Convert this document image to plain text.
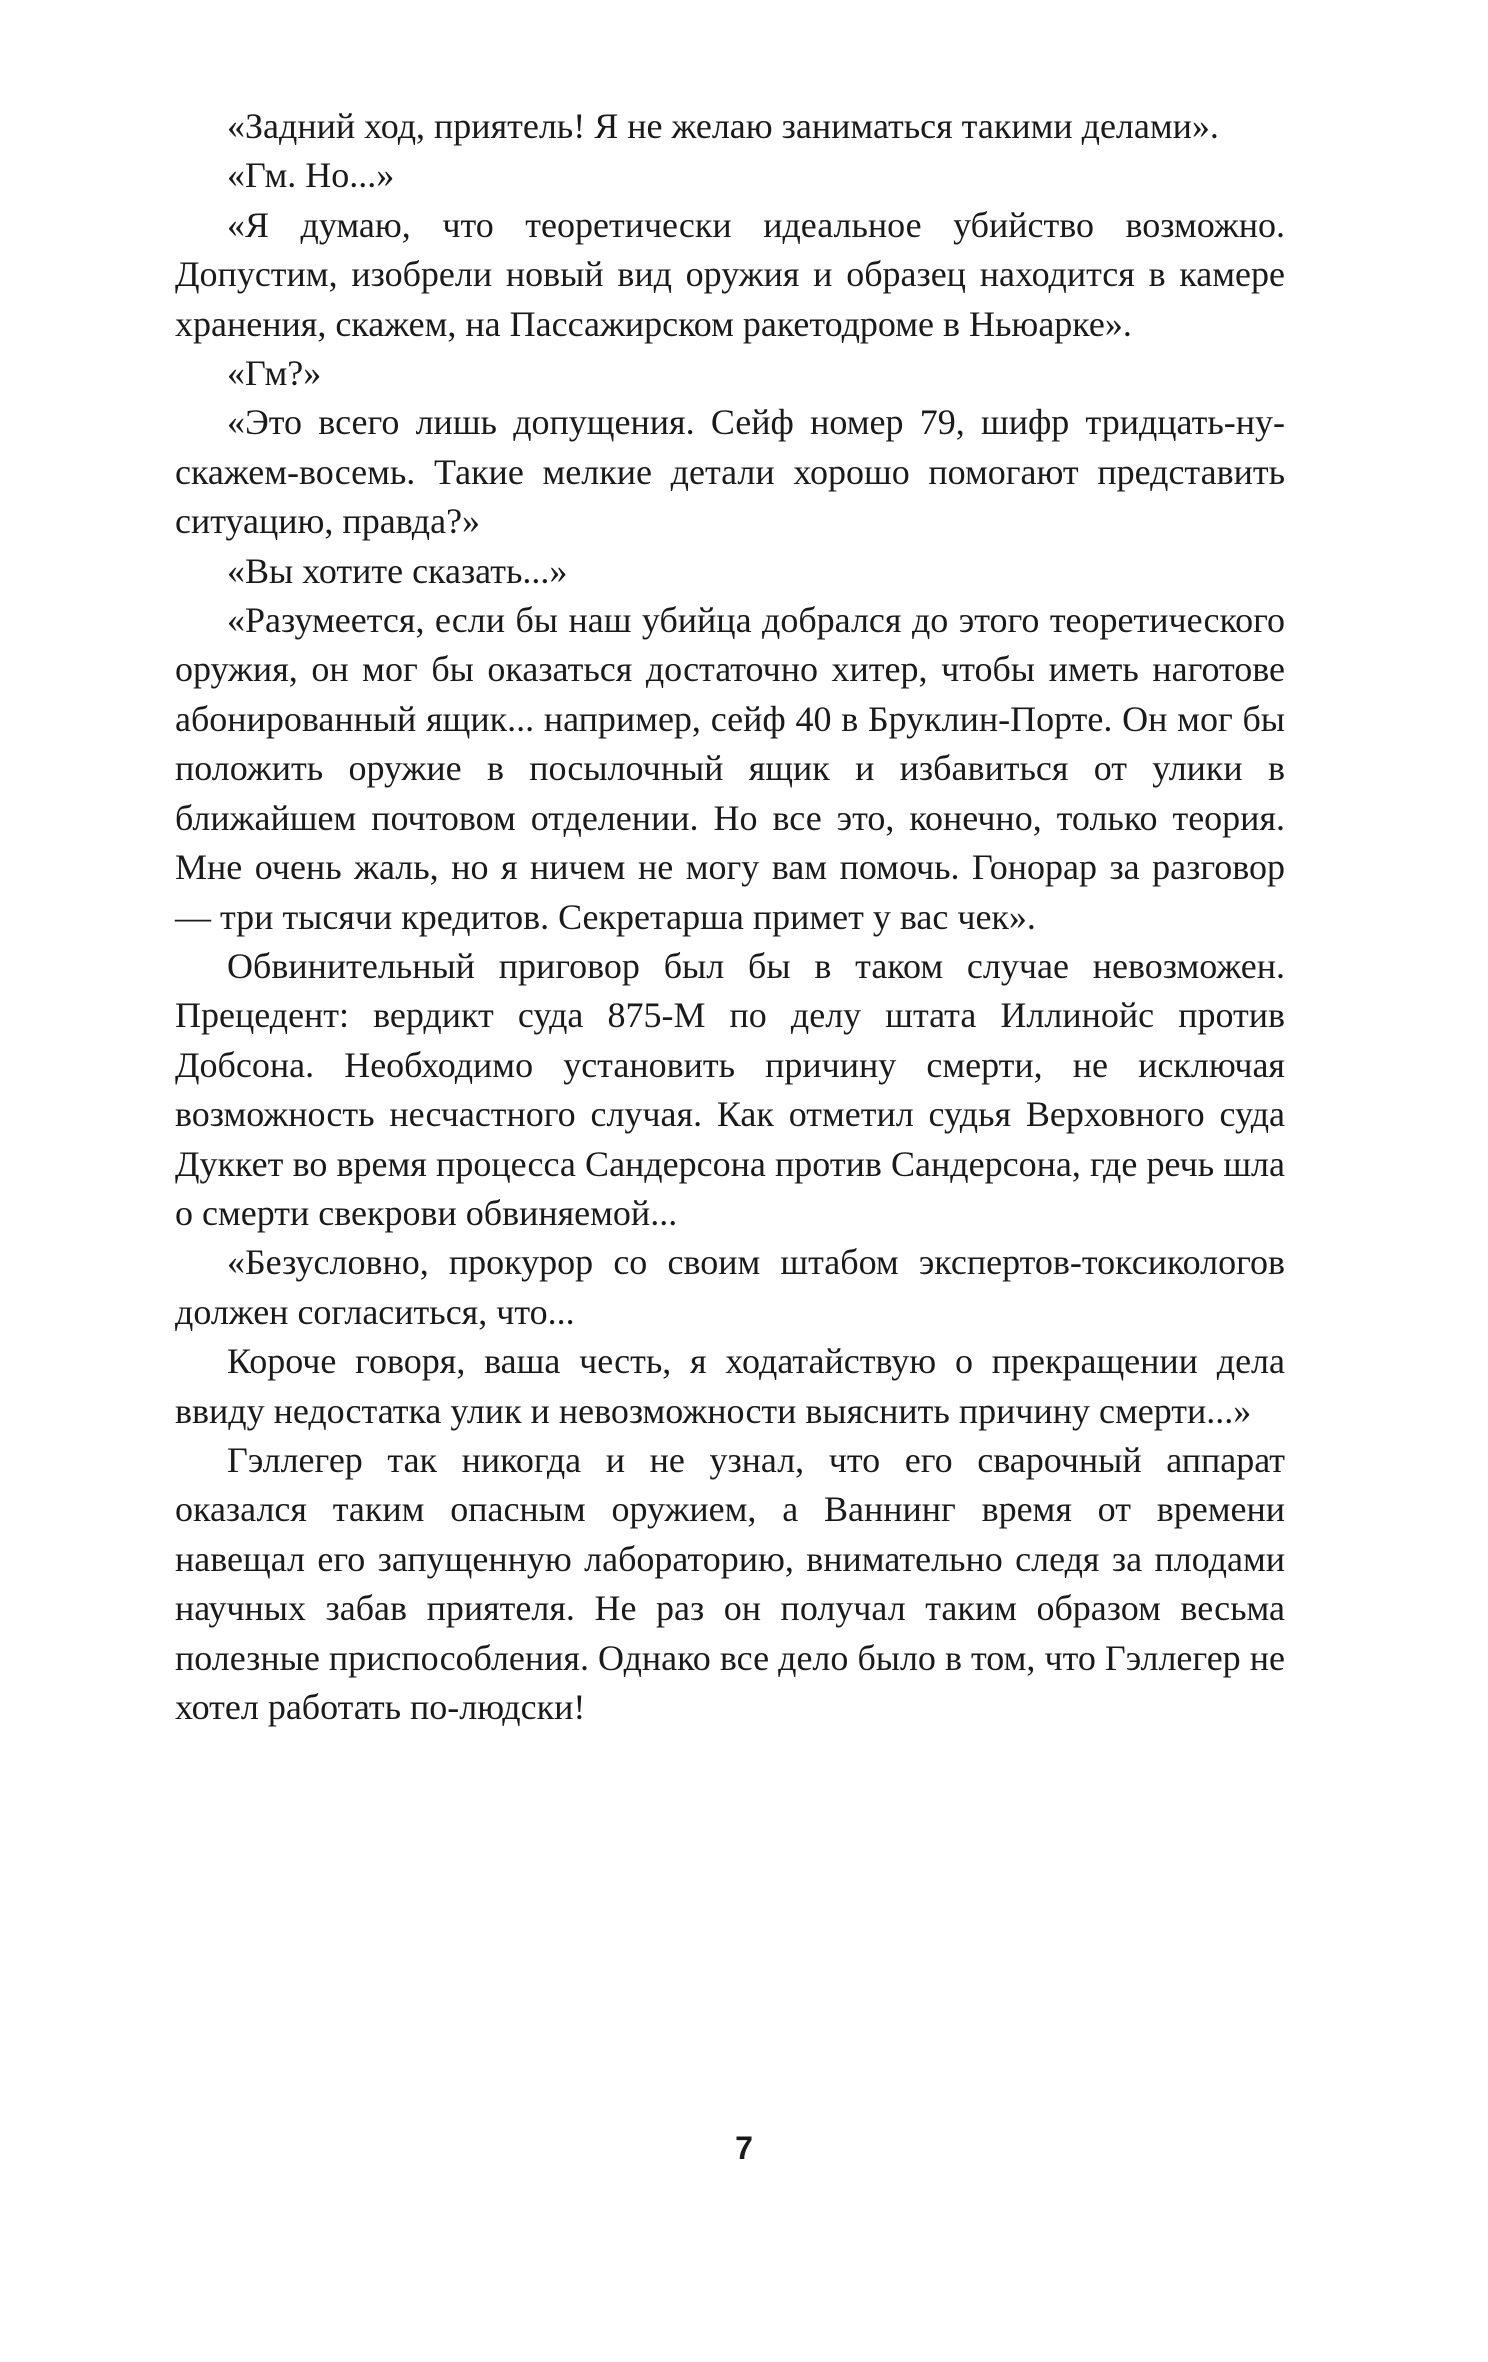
«Задний ход, приятель! Я не желаю заниматься такими делами».

«Гм. Но...»

«Я думаю, что теоретически идеальное убийство возможно. Допустим, изобрели новый вид оружия и образец находится в камере хранения, скажем, на Пассажирском ракетодроме в Ньюарке».

«Гм?»

«Это всего лишь допущения. Сейф номер 79, шифр тридцать-ну-скажем-восемь. Такие мелкие детали хорошо помогают представить ситуацию, правда?»

«Вы хотите сказать...»

«Разумеется, если бы наш убийца добрался до этого теоретического оружия, он мог бы оказаться достаточно хитер, чтобы иметь наготове абонированный ящик... например, сейф 40 в Бруклин-Порте. Он мог бы положить оружие в посылочный ящик и избавиться от улики в ближайшем почтовом отделении. Но все это, конечно, только теория. Мне очень жаль, но я ничем не могу вам помочь. Гонорар за разговор — три тысячи кредитов. Секретарша примет у вас чек».

Обвинительный приговор был бы в таком случае невозможен. Прецедент: вердикт суда 875-М по делу штата Иллинойс против Добсона. Необходимо установить причину смерти, не исключая возможность несчастного случая. Как отметил судья Верховного суда Дуккет во время процесса Сандерсона против Сандерсона, где речь шла о смерти свекрови обвиняемой...

«Безусловно, прокурор со своим штабом экспертов-токсикологов должен согласиться, что...

Короче говоря, ваша честь, я ходатайствую о прекращении дела ввиду недостатка улик и невозможности выяснить причину смерти...»

Гэллегер так никогда и не узнал, что его сварочный аппарат оказался таким опасным оружием, а Ваннинг время от времени навещал его запущенную лабораторию, внимательно следя за плодами научных забав приятеля. Не раз он получал таким образом весьма полезные приспособления. Однако все дело было в том, что Гэллегер не хотел работать по-людски!

7
